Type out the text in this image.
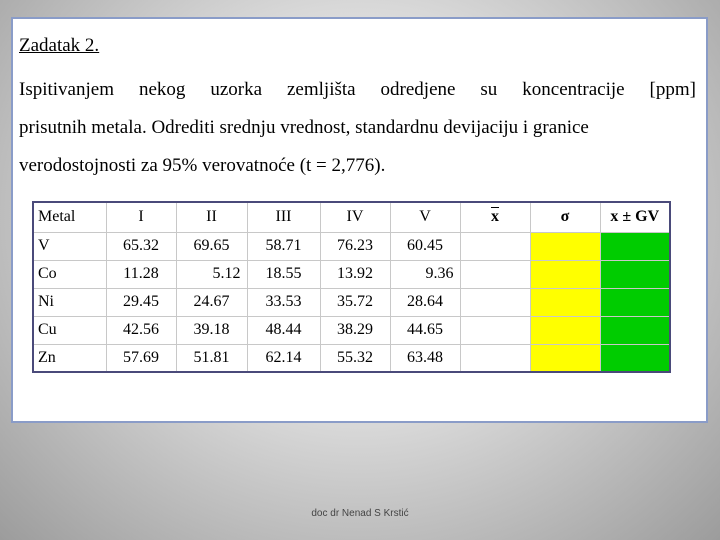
Zadatak 2.
Ispitivanjem nekog uzorka zemljišta odredjene su koncentracije [ppm]
prisutnih metala. Odrediti srednju vrednost, standardnu devijaciju i granice
verodostojnosti za 95% verovatnoće (t = 2,776).
Metal	I	II	III	IV	V	$\overline{x}$	σ	x ± GV
V	65.32	69.65	58.71	76.23	60.45			
Co	11.28	5.12	18.55	13.92	9.36			
Ni	29.45	24.67	33.53	35.72	28.64			
Cu	42.56	39.18	48.44	38.29	44.65			
Zn	57.69	51.81	62.14	55.32	63.48			
doc dr Nenad S Krstić
